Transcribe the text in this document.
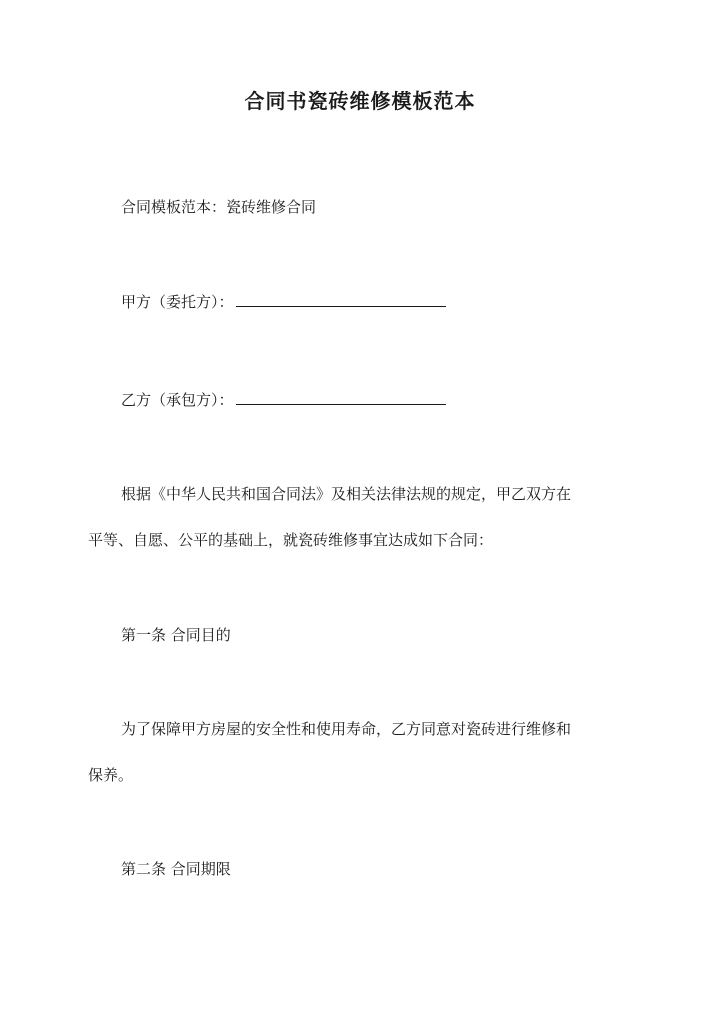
合同书瓷砖维修模板范本
合同模板范本：瓷砖维修合同
甲方（委托方）：
乙方（承包方）：
根据《中华人民共和国合同法》及相关法律法规的规定，甲乙双方在
平等、自愿、公平的基础上，就瓷砖维修事宜达成如下合同：
第一条 合同目的
为了保障甲方房屋的安全性和使用寿命，乙方同意对瓷砖进行维修和
保养。
第二条 合同期限
